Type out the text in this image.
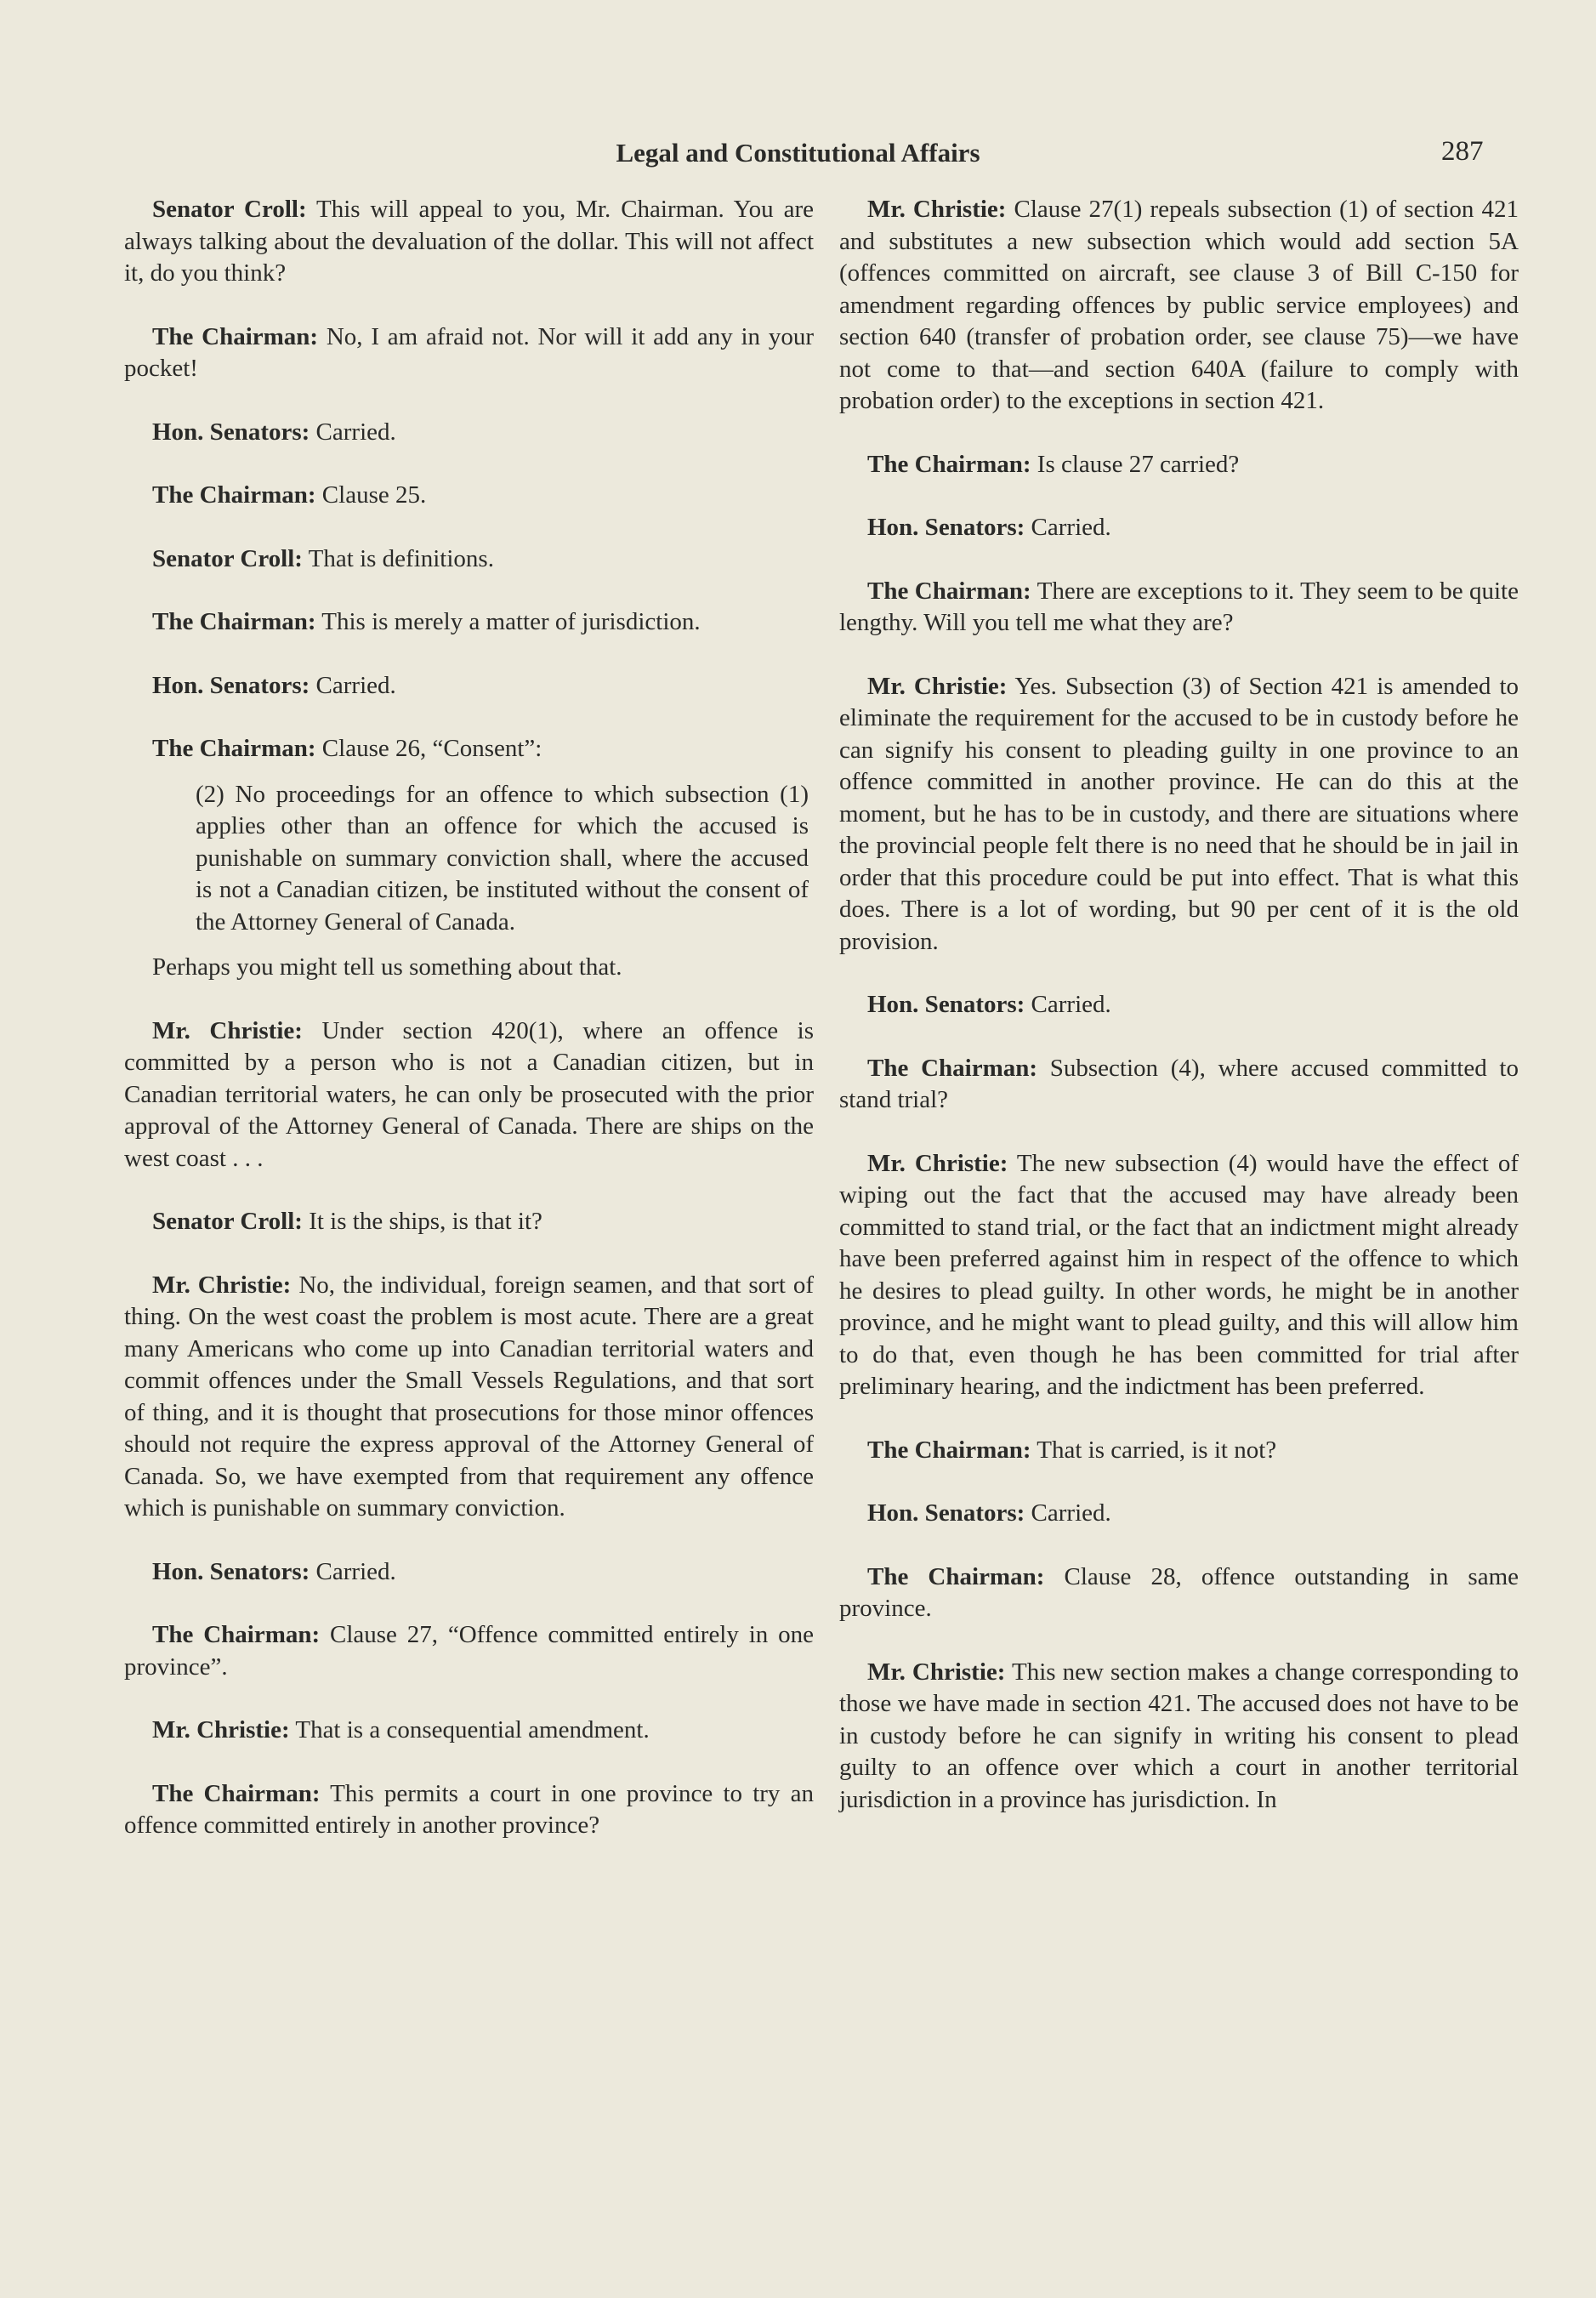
Legal and Constitutional Affairs	287

Senator Croll: This will appeal to you, Mr. Chairman. You are always talking about the devaluation of the dollar. This will not affect it, do you think?

The Chairman: No, I am afraid not. Nor will it add any in your pocket!

Hon. Senators: Carried.

The Chairman: Clause 25.

Senator Croll: That is definitions.

The Chairman: This is merely a matter of jurisdiction.

Hon. Senators: Carried.

The Chairman: Clause 26, “Consent”:

(2) No proceedings for an offence to which subsection (1) applies other than an offence for which the accused is punishable on summary conviction shall, where the accused is not a Canadian citizen, be instituted without the consent of the Attorney General of Canada.

Perhaps you might tell us something about that.

Mr. Christie: Under section 420(1), where an offence is committed by a person who is not a Canadian citizen, but in Canadian territorial waters, he can only be prosecuted with the prior approval of the Attorney General of Canada. There are ships on the west coast . . .

Senator Croll: It is the ships, is that it?

Mr. Christie: No, the individual, foreign seamen, and that sort of thing. On the west coast the problem is most acute. There are a great many Americans who come up into Canadian territorial waters and commit offences under the Small Vessels Regulations, and that sort of thing, and it is thought that prosecutions for those minor offences should not require the express approval of the Attorney General of Canada. So, we have exempted from that requirement any offence which is punishable on summary conviction.

Hon. Senators: Carried.

The Chairman: Clause 27, “Offence committed entirely in one province”.

Mr. Christie: That is a consequential amendment.

The Chairman: This permits a court in one province to try an offence committed entirely in another province?

Mr. Christie: Clause 27(1) repeals subsection (1) of section 421 and substitutes a new subsection which would add section 5A (offences committed on aircraft, see clause 3 of Bill C-150 for amendment regarding offences by public service employees) and section 640 (transfer of probation order, see clause 75)—we have not come to that—and section 640A (failure to comply with probation order) to the exceptions in section 421.

The Chairman: Is clause 27 carried?

Hon. Senators: Carried.

The Chairman: There are exceptions to it. They seem to be quite lengthy. Will you tell me what they are?

Mr. Christie: Yes. Subsection (3) of Section 421 is amended to eliminate the requirement for the accused to be in custody before he can signify his consent to pleading guilty in one province to an offence committed in another province. He can do this at the moment, but he has to be in custody, and there are situations where the provincial people felt there is no need that he should be in jail in order that this procedure could be put into effect. That is what this does. There is a lot of wording, but 90 per cent of it is the old provision.

Hon. Senators: Carried.

The Chairman: Subsection (4), where accused committed to stand trial?

Mr. Christie: The new subsection (4) would have the effect of wiping out the fact that the accused may have already been committed to stand trial, or the fact that an indictment might already have been preferred against him in respect of the offence to which he desires to plead guilty. In other words, he might be in another province, and he might want to plead guilty, and this will allow him to do that, even though he has been committed for trial after preliminary hearing, and the indictment has been preferred.

The Chairman: That is carried, is it not?

Hon. Senators: Carried.

The Chairman: Clause 28, offence outstanding in same province.

Mr. Christie: This new section makes a change corresponding to those we have made in section 421. The accused does not have to be in custody before he can signify in writing his consent to plead guilty to an offence over which a court in another territorial jurisdiction in a province has jurisdiction. In
